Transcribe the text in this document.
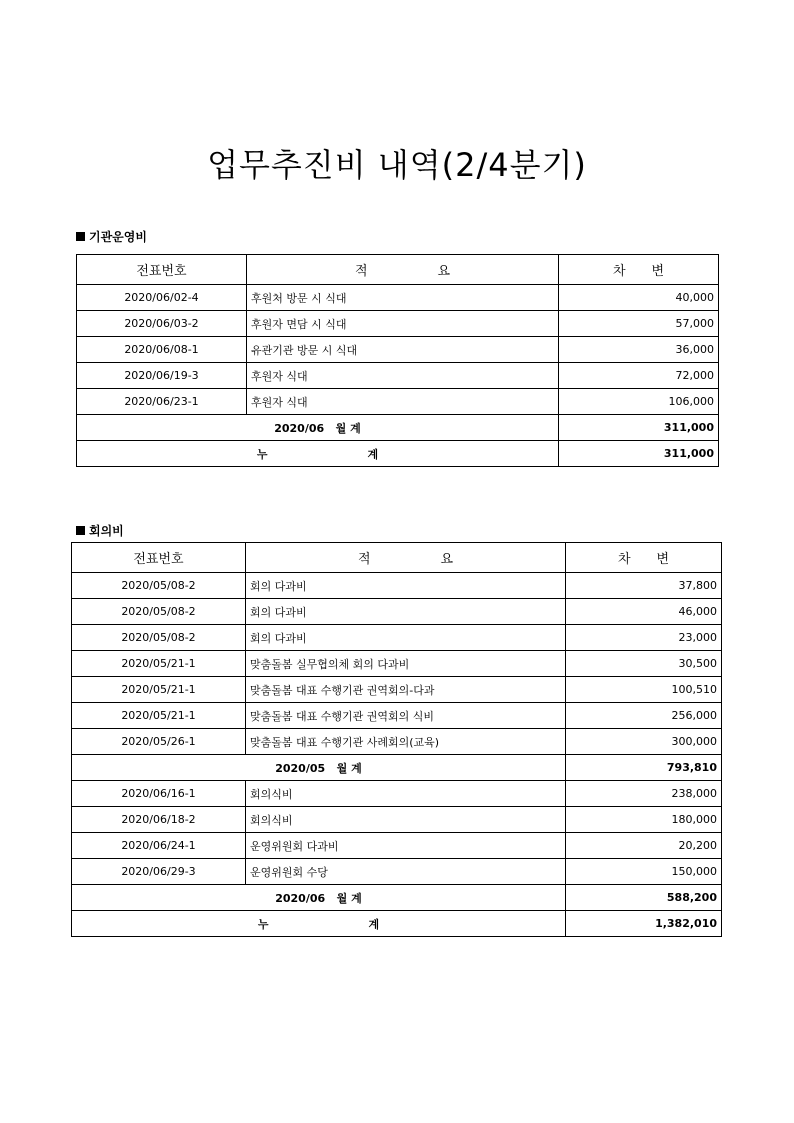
업무추진비 내역(2/4분기)
기관운영비
전표번호	적 요	차 변
2020/06/02-4	후원처 방문 시 식대	40,000
2020/06/03-2	후원자 면담 시 식대	57,000
2020/06/08-1	유관기관 방문 시 식대	36,000
2020/06/19-3	후원자 식대	72,000
2020/06/23-1	후원자 식대	106,000
2020/06 월 계		311,000
누 계		311,000
회의비
전표번호	적 요	차 변
2020/05/08-2	회의 다과비	37,800
2020/05/08-2	회의 다과비	46,000
2020/05/08-2	회의 다과비	23,000
2020/05/21-1	맞춤돌봄 실무협의체 회의 다과비	30,500
2020/05/21-1	맞춤돌봄 대표 수행기관 권역회의-다과	100,510
2020/05/21-1	맞춤돌봄 대표 수행기관 권역회의 식비	256,000
2020/05/26-1	맞춤돌봄 대표 수행기관 사례회의(교육)	300,000
2020/05 월 계		793,810
2020/06/16-1	회의식비	238,000
2020/06/18-2	회의식비	180,000
2020/06/24-1	운영위원회 다과비	20,200
2020/06/29-3	운영위원회 수당	150,000
2020/06 월 계		588,200
누 계		1,382,010
